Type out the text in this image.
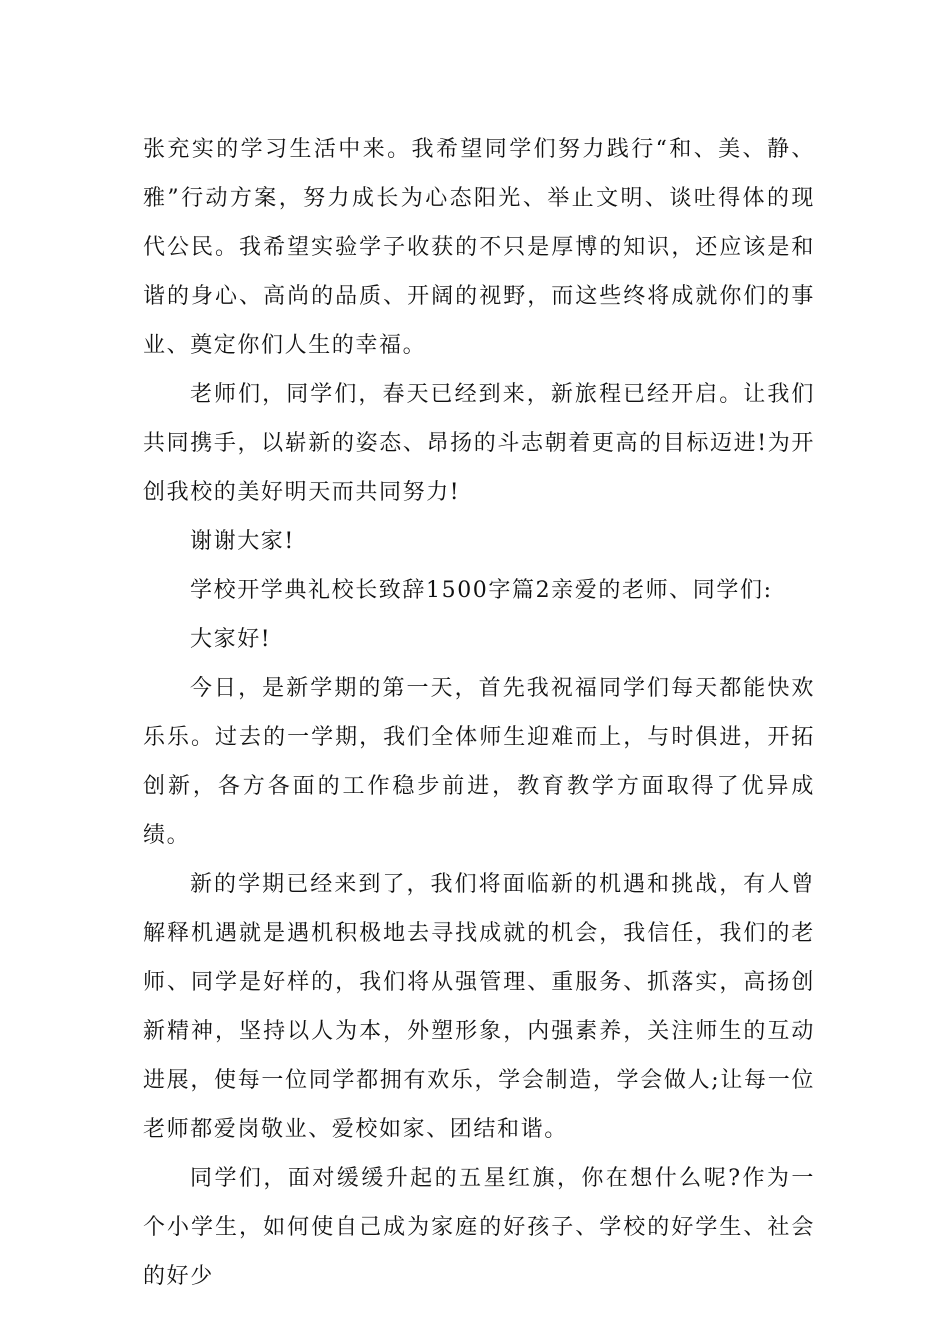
张充实的学习生活中来。我希望同学们努力践行“和、美、静、雅”行动方案，努力成长为心态阳光、举止文明、谈吐得体的现代公民。我希望实验学子收获的不只是厚博的知识，还应该是和谐的身心、高尚的品质、开阔的视野，而这些终将成就你们的事业、奠定你们人生的幸福。

老师们，同学们，春天已经到来，新旅程已经开启。让我们共同携手，以崭新的姿态、昂扬的斗志朝着更高的目标迈进!为开创我校的美好明天而共同努力!

谢谢大家!

学校开学典礼校长致辞1500字篇2亲爱的老师、同学们:

大家好!

今日，是新学期的第一天，首先我祝福同学们每天都能快欢乐乐。过去的一学期，我们全体师生迎难而上，与时俱进，开拓创新，各方各面的工作稳步前进，教育教学方面取得了优异成绩。

新的学期已经来到了，我们将面临新的机遇和挑战，有人曾解释机遇就是遇机积极地去寻找成就的机会，我信任，我们的老师、同学是好样的，我们将从强管理、重服务、抓落实，高扬创新精神，坚持以人为本，外塑形象，内强素养，关注师生的互动进展，使每一位同学都拥有欢乐，学会制造，学会做人;让每一位老师都爱岗敬业、爱校如家、团结和谐。

同学们，面对缓缓升起的五星红旗，你在想什么呢?作为一个小学生，如何使自己成为家庭的好孩子、学校的好学生、社会的好少
